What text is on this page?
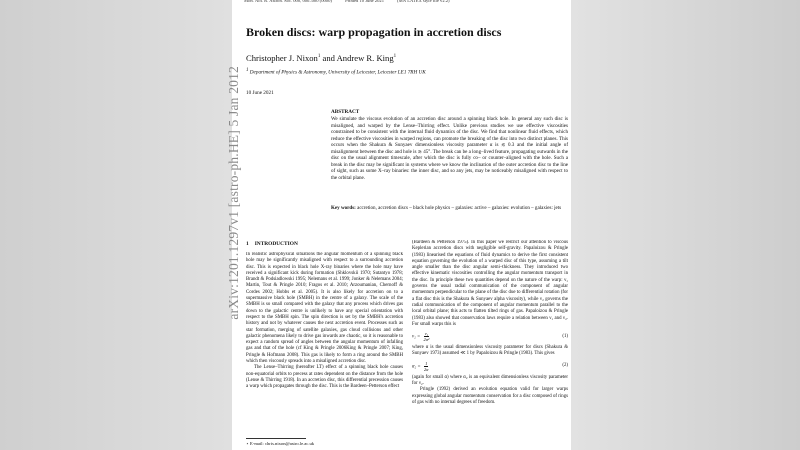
Mon. Not. R. Astron. Soc. 000, 000–000 (0000)	Printed 10 June 2021	(MN LATEX style file v2.2)
Broken discs: warp propagation in accretion discs
Christopher J. Nixon$^1$ and Andrew R. King$^1$
$^1$ Department of Physics & Astronomy, University of Leicester, Leicester LE1 7RH UK
10 June 2021
ABSTRACT
We simulate the viscous evolution of an accretion disc around a spinning black hole. In general any such disc is misaligned, and warped by the Lense–Thirring effect. Unlike previous studies we use effective viscosities constrained to be consistent with the internal fluid dynamics of the disc. We find that nonlinear fluid effects, which reduce the effective viscosities in warped regions, can promote the breaking of the disc into two distinct planes. This occurs when the Shakura & Sunyaev dimensionless viscosity parameter α is ≲ 0.3 and the initial angle of misalignment between the disc and hole is ≳ 45°. The break can be a long–lived feature, propagating outwards in the disc on the usual alignment timescale, after which the disc is fully co– or counter–aligned with the hole. Such a break in the disc may be significant in systems where we know the inclination of the outer accretion disc to the line of sight, such as some X–ray binaries: the inner disc, and so any jets, may be noticeably misaligned with respect to the orbital plane.
Key words: accretion, accretion discs – black hole physics – galaxies: active – galaxies: evolution – galaxies: jets
1 INTRODUCTION

In realistic astrophysical situations the angular momentum of a spinning black hole may be significantly misaligned with respect to a surrounding accretion disc. This is expected in black hole X-ray binaries where the hole may have received a significant kick during formation (Shklovskii 1970; Sutantyo 1978; Brandt & Podsiadlowski 1995; Nelemans et al. 1999; Jonker & Nelemans 2004; Martin, Tout & Pringle 2010; Fragos et al. 2010; Arzoumanian, Chernoff & Cordes 2002; Hobbs et al. 2005). It is also likely for accretion on to a supermassive black hole (SMBH) in the centre of a galaxy. The scale of the SMBH is so small compared with the galaxy that any process which drives gas down to the galactic centre is unlikely to have any special orientation with respect to the SMBH spin. The spin direction is set by the SMBH's accretion history and not by whatever causes the next accretion event. Processes such as star formation, merging of satellite galaxies, gas cloud collisions and other galactic phenomena likely to drive gas inwards are chaotic, so it is reasonable to expect a random spread of angles between the angular momentum of infalling gas and that of the hole (cf King & Pringle 2006King & Pringle 2007; King, Pringle & Hofmann 2008). This gas is likely to form a ring around the SMBH which then viscously spreads into a misaligned accretion disc.

The Lense–Thirring (hereafter LT) effect of a spinning black hole causes non-equatorial orbits to precess at rates dependent on the distance from the hole (Lense & Thirring 1918). In an accretion disc, this differential precession causes a warp which propagates through the disc. This is the Bardeen–Petterson effect

(Bardeen & Petterson 1975). In this paper we restrict our attention to viscous Keplerian accretion discs with negligible self-gravity. Papaloizou & Pringle (1983) linearised the equations of fluid dynamics to derive the first consistent equation governing the evolution of a warped disc of this type, assuming a tilt angle smaller than the disc angular semi–thickness. They introduced two effective kinematic viscosities controlling the angular momentum transport in the disc. In principle these two quantities depend on the nature of the warp: ν₁ governs the usual radial communication of the component of angular momentum perpendicular to the plane of the disc due to differential rotation (for a flat disc this is the Shakura & Sunyaev alpha viscosity), while ν₂ governs the radial communication of the component of angular momentum parallel to the local orbital plane; this acts to flatten tilted rings of gas. Papaloizou & Pringle (1983) also showed that conservation laws require a relation between ν₁ and ν₂. For small warps this is

$\nu_2 = \frac{\text{ν₁}}{\text{2α²}}$	(1)

where α is the usual dimensionless viscosity parameter for discs (Shakura & Sunyaev 1973) assumed ≪ 1 by Papaloizou & Pringle (1983). This gives

$\alpha_2 = \frac{1}{2\alpha}$	(2)

(again for small α) where α₂ is an equivalent dimensionless viscosity parameter for ν₂.

Pringle (1992) derived an evolution equation valid for larger warps expressing global angular momentum conservation for a disc composed of rings of gas with no internal degrees of freedom.

⋆ E-mail: chris.nixon@astro.le.ac.uk
arXiv:1201.1297v1 [astro-ph.HE] 5 Jan 2012
